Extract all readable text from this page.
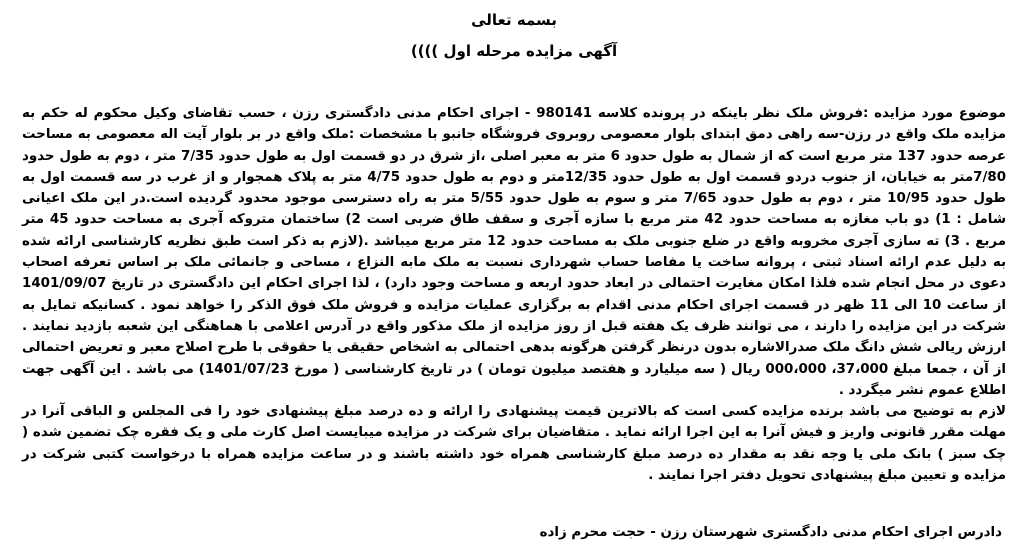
بسمه تعالی
آگهی مزایده مرحله اول ))))

موضوع مورد مزایده :فروش ملک نظر باینکه در پرونده کلاسه 980141 - اجرای احکام مدنی دادگستری رزن ، حسب تقاضای وکیل محکوم له حکم به مزایده ملک واقع در رزن-سه راهی دمق ابتدای بلوار معصومی روبروی فروشگاه جانبو با مشخصات :ملک واقع در بر بلوار آیت اله معصومی به مساحت عرصه حدود 137 متر مربع است که از شمال به طول حدود 6 متر به معبر اصلی ،از شرق در دو قسمت اول به طول حدود 7/35 متر ، دوم به طول حدود 7/80متر به خیابان، از جنوب دردو قسمت اول به طول حدود 12/35متر و دوم به طول حدود 4/75 متر به پلاک همجوار و از غرب در سه قسمت اول به طول حدود 10/95 متر ، دوم به طول حدود 7/65 متر و سوم به طول حدود 5/55 متر به راه دسترسی موجود محدود گردیده است.در این ملک اعیانی شامل : 1) دو باب مغازه به مساحت حدود 42 متر مربع با سازه آجری و سقف طاق ضربی است 2) ساختمان متروکه آجری به مساحت حدود 45 متر مربع . 3) ته سازی آجری مخروبه واقع در ضلع جنوبی ملک به مساحت حدود 12 متر مربع میباشد .(لازم به ذکر است طبق نظریه کارشناسی ارائه شده به دلیل عدم ارائه اسناد ثبتی ، پروانه ساخت یا مفاصا حساب شهرداری نسبت به ملک مابه النزاع ، مساحی و جانمائی ملک بر اساس تعرفه اصحاب دعوی در محل انجام شده فلذا امکان مغایرت احتمالی در ابعاد حدود اربعه و مساحت وجود دارد) ، لذا اجرای احکام این دادگستری در تاریخ 1401/09/07 از ساعت 10 الی 11 ظهر در قسمت اجرای احکام مدنی اقدام به برگزاری عملیات مزایده و فروش ملک فوق الذکر را خواهد نمود . کسانیکه تمایل به شرکت در این مزایده را دارند ، می توانند ظرف یک هفته قبل از روز مزایده از ملک مذکور واقع در آدرس اعلامی با هماهنگی این شعبه بازدید نمایند . ارزش ریالی شش دانگ ملک صدرالاشاره بدون درنظر گرفتن هرگونه بدهی احتمالی به اشخاص حقیقی یا حقوقی با طرح اصلاح معبر و تعریض احتمالی از آن ، جمعا مبلغ 37،000، 000،000 ریال ( سه میلیارد و هفتصد میلیون تومان ) در تاریخ کارشناسی ( مورخ 1401/07/23) می باشد . این آگهی جهت اطلاع عموم نشر میگردد .

لازم به توضیح می باشد برنده مزایده کسی است که بالاترین قیمت پیشنهادی را ارائه و ده درصد مبلغ پیشنهادی خود را فی المجلس و الباقی آنرا در مهلت مقرر قانونی واریز و فیش آنرا به این اجرا ارائه نماید . متقاضیان برای شرکت در مزایده میبایست اصل کارت ملی و یک فقره چک تضمین شده ( چک سبز ) بانک ملی یا وجه نقد به مقدار ده درصد مبلغ کارشناسی همراه خود داشته باشند و در ساعت مزایده همراه با درخواست کتبی شرکت در مزایده و تعیین مبلغ پیشنهادی تحویل دفتر اجرا نمایند .

دادرس اجرای احکام مدنی دادگستری شهرستان رزن - حجت محرم زاده
